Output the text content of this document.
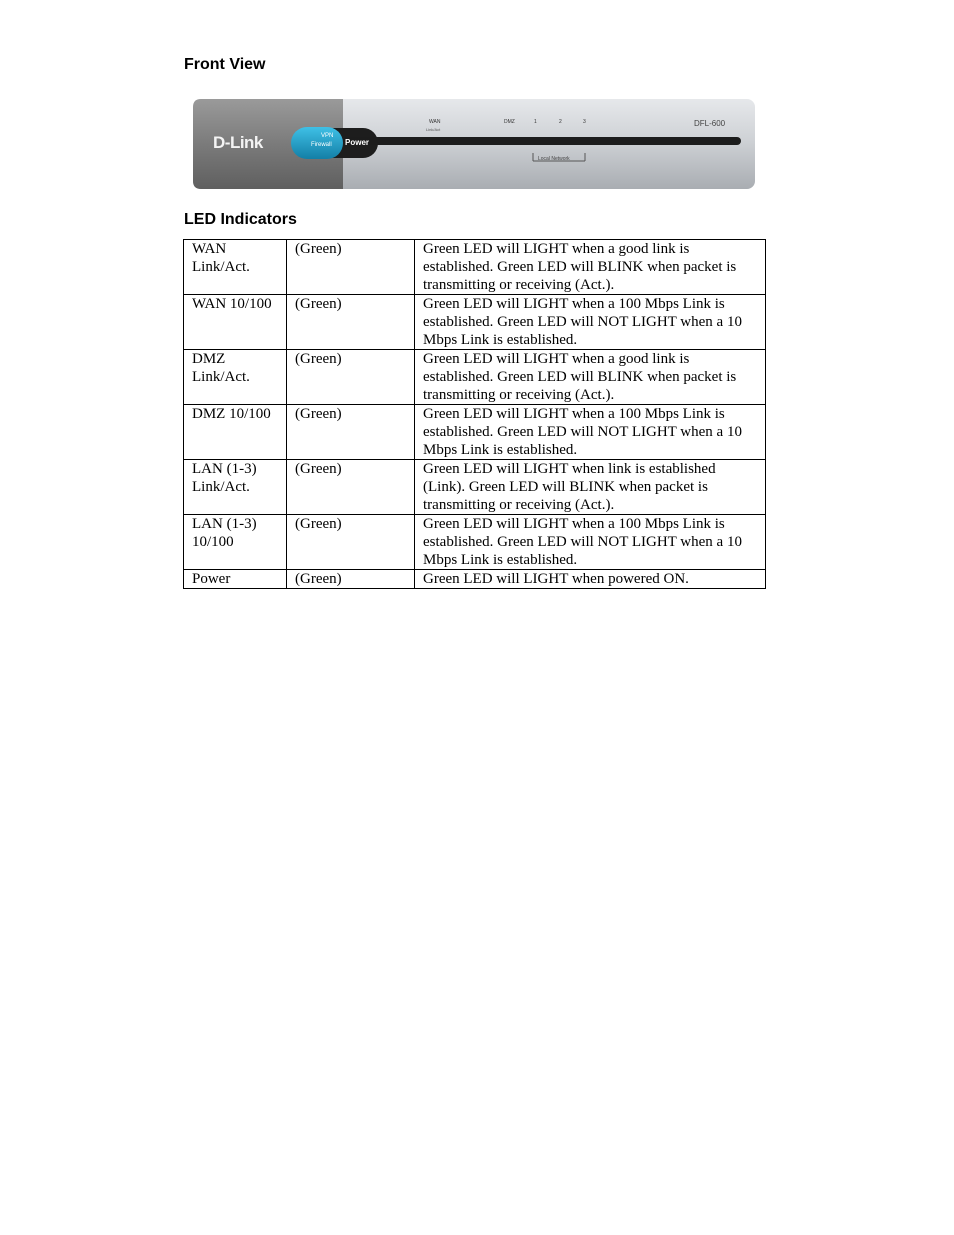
Front View
D-Link	VPN
Firewall Power
WAN
Link/Act
DMZ	1	2	3
Local Network
DFL-600
LED Indicators
WAN Link/Act.	(Green)	Green LED will LIGHT when a good link is established. Green LED will BLINK when packet is transmitting or receiving (Act.).
WAN 10/100	(Green)	Green LED will LIGHT when a 100 Mbps Link is established. Green LED will NOT LIGHT when a 10 Mbps Link is established.
DMZ Link/Act.	(Green)	Green LED will LIGHT when a good link is established. Green LED will BLINK when packet is transmitting or receiving (Act.).
DMZ 10/100	(Green)	Green LED will LIGHT when a 100 Mbps Link is established. Green LED will NOT LIGHT when a 10 Mbps Link is established.
LAN (1-3) Link/Act.	(Green)	Green LED will LIGHT when link is established (Link). Green LED will BLINK when packet is transmitting or receiving (Act.).
LAN (1-3) 10/100	(Green)	Green LED will LIGHT when a 100 Mbps Link is established. Green LED will NOT LIGHT when a 10 Mbps Link is established.
Power	(Green)	Green LED will LIGHT when powered ON.
